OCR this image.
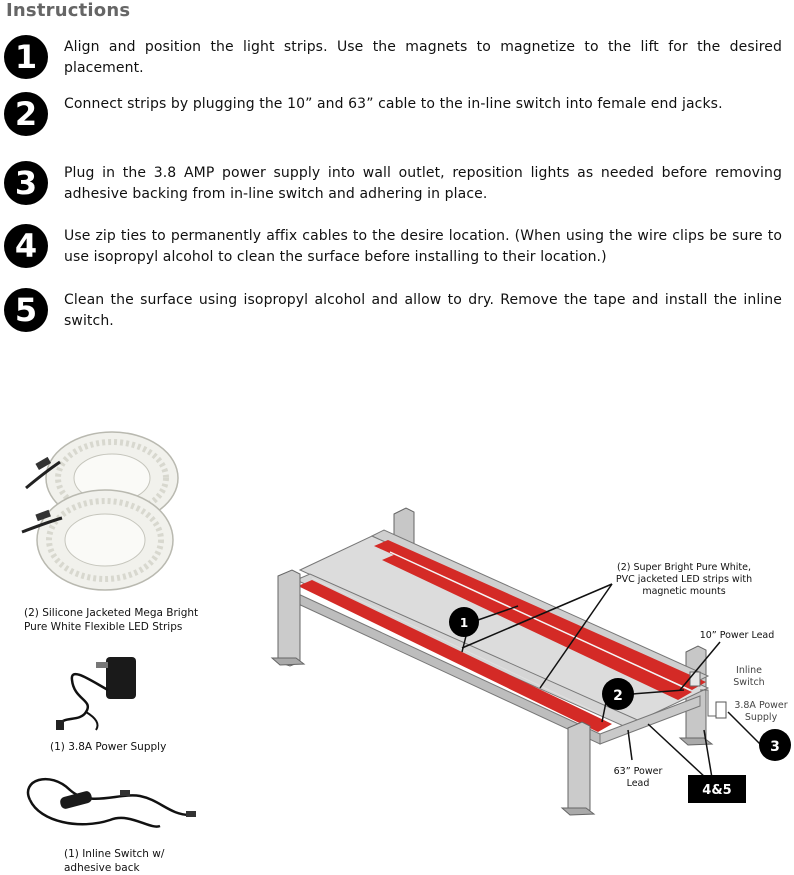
Instructions
1	Align and position the light strips. Use the magnets to magnetize to the lift for the desired placement.
2	Connect strips by plugging the 10” and 63” cable to the in-line switch into female end jacks.
3	Plug in the 3.8 AMP power supply into wall outlet, reposition lights as needed before removing adhesive backing from in-line switch and adhering in place.
4	Use zip ties to permanently affix cables to the desire location. (When using the wire clips be sure to use isopropyl alcohol to clean the surface before installing to their location.)
5	Clean the surface using isopropyl alcohol and allow to dry. Remove the tape and install the inline switch.
1
2
3
4&5
(2) Silicone Jacketed Mega Bright
Pure White Flexible LED Strips
(1) 3.8A Power Supply
(1) Inline Switch w/
adhesive back
(2) Super Bright Pure White,
PVC jacketed LED strips with
magnetic mounts
10” Power Lead
Inline
Switch
3.8A Power
Supply
63” Power
Lead
